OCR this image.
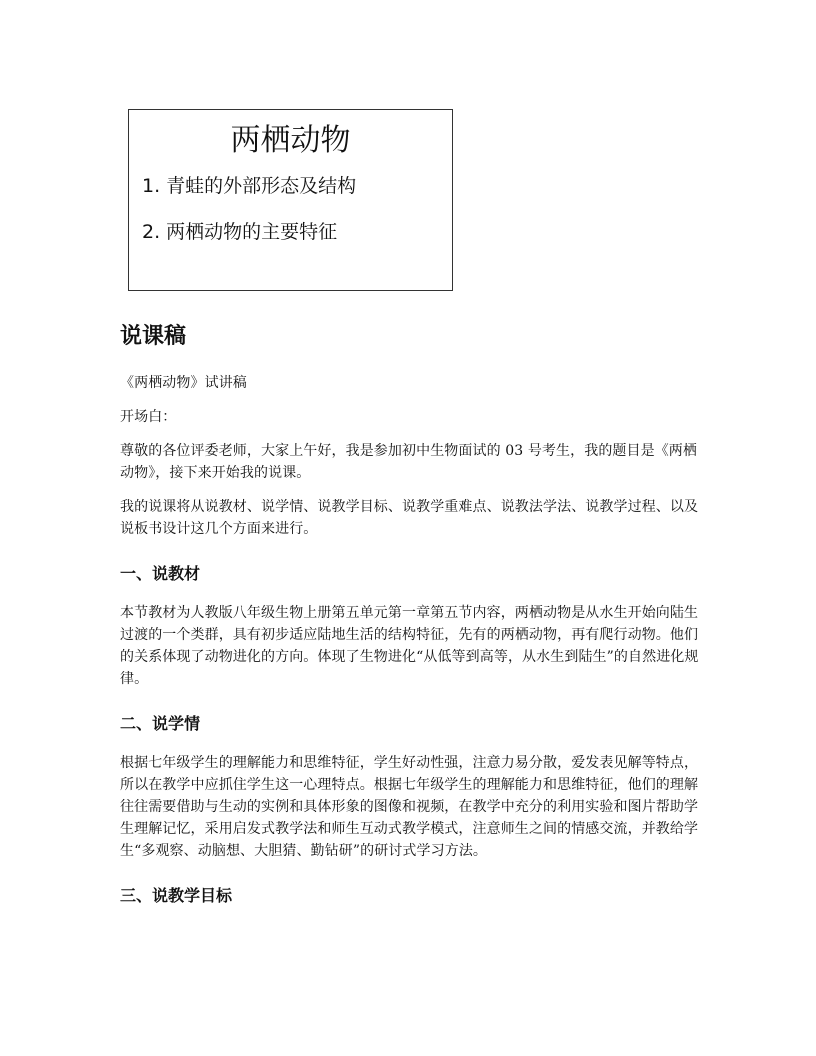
两栖动物
1. 青蛙的外部形态及结构
2. 两栖动物的主要特征
说课稿

《两栖动物》试讲稿

开场白：

尊敬的各位评委老师，大家上午好，我是参加初中生物面试的 03 号考生，我的题目是《两栖动物》，接下来开始我的说课。

我的说课将从说教材、说学情、说教学目标、说教学重难点、说教法学法、说教学过程、以及说板书设计这几个方面来进行。

一、说教材

本节教材为人教版八年级生物上册第五单元第一章第五节内容，两栖动物是从水生开始向陆生过渡的一个类群，具有初步适应陆地生活的结构特征，先有的两栖动物，再有爬行动物。他们的关系体现了动物进化的方向。体现了生物进化“从低等到高等，从水生到陆生”的自然进化规律。

二、说学情

根据七年级学生的理解能力和思维特征，学生好动性强，注意力易分散，爱发表见解等特点，所以在教学中应抓住学生这一心理特点。根据七年级学生的理解能力和思维特征，他们的理解往往需要借助与生动的实例和具体形象的图像和视频，在教学中充分的利用实验和图片帮助学生理解记忆，采用启发式教学法和师生互动式教学模式，注意师生之间的情感交流，并教给学生“多观察、动脑想、大胆猜、勤钻研”的研讨式学习方法。

三、说教学目标
